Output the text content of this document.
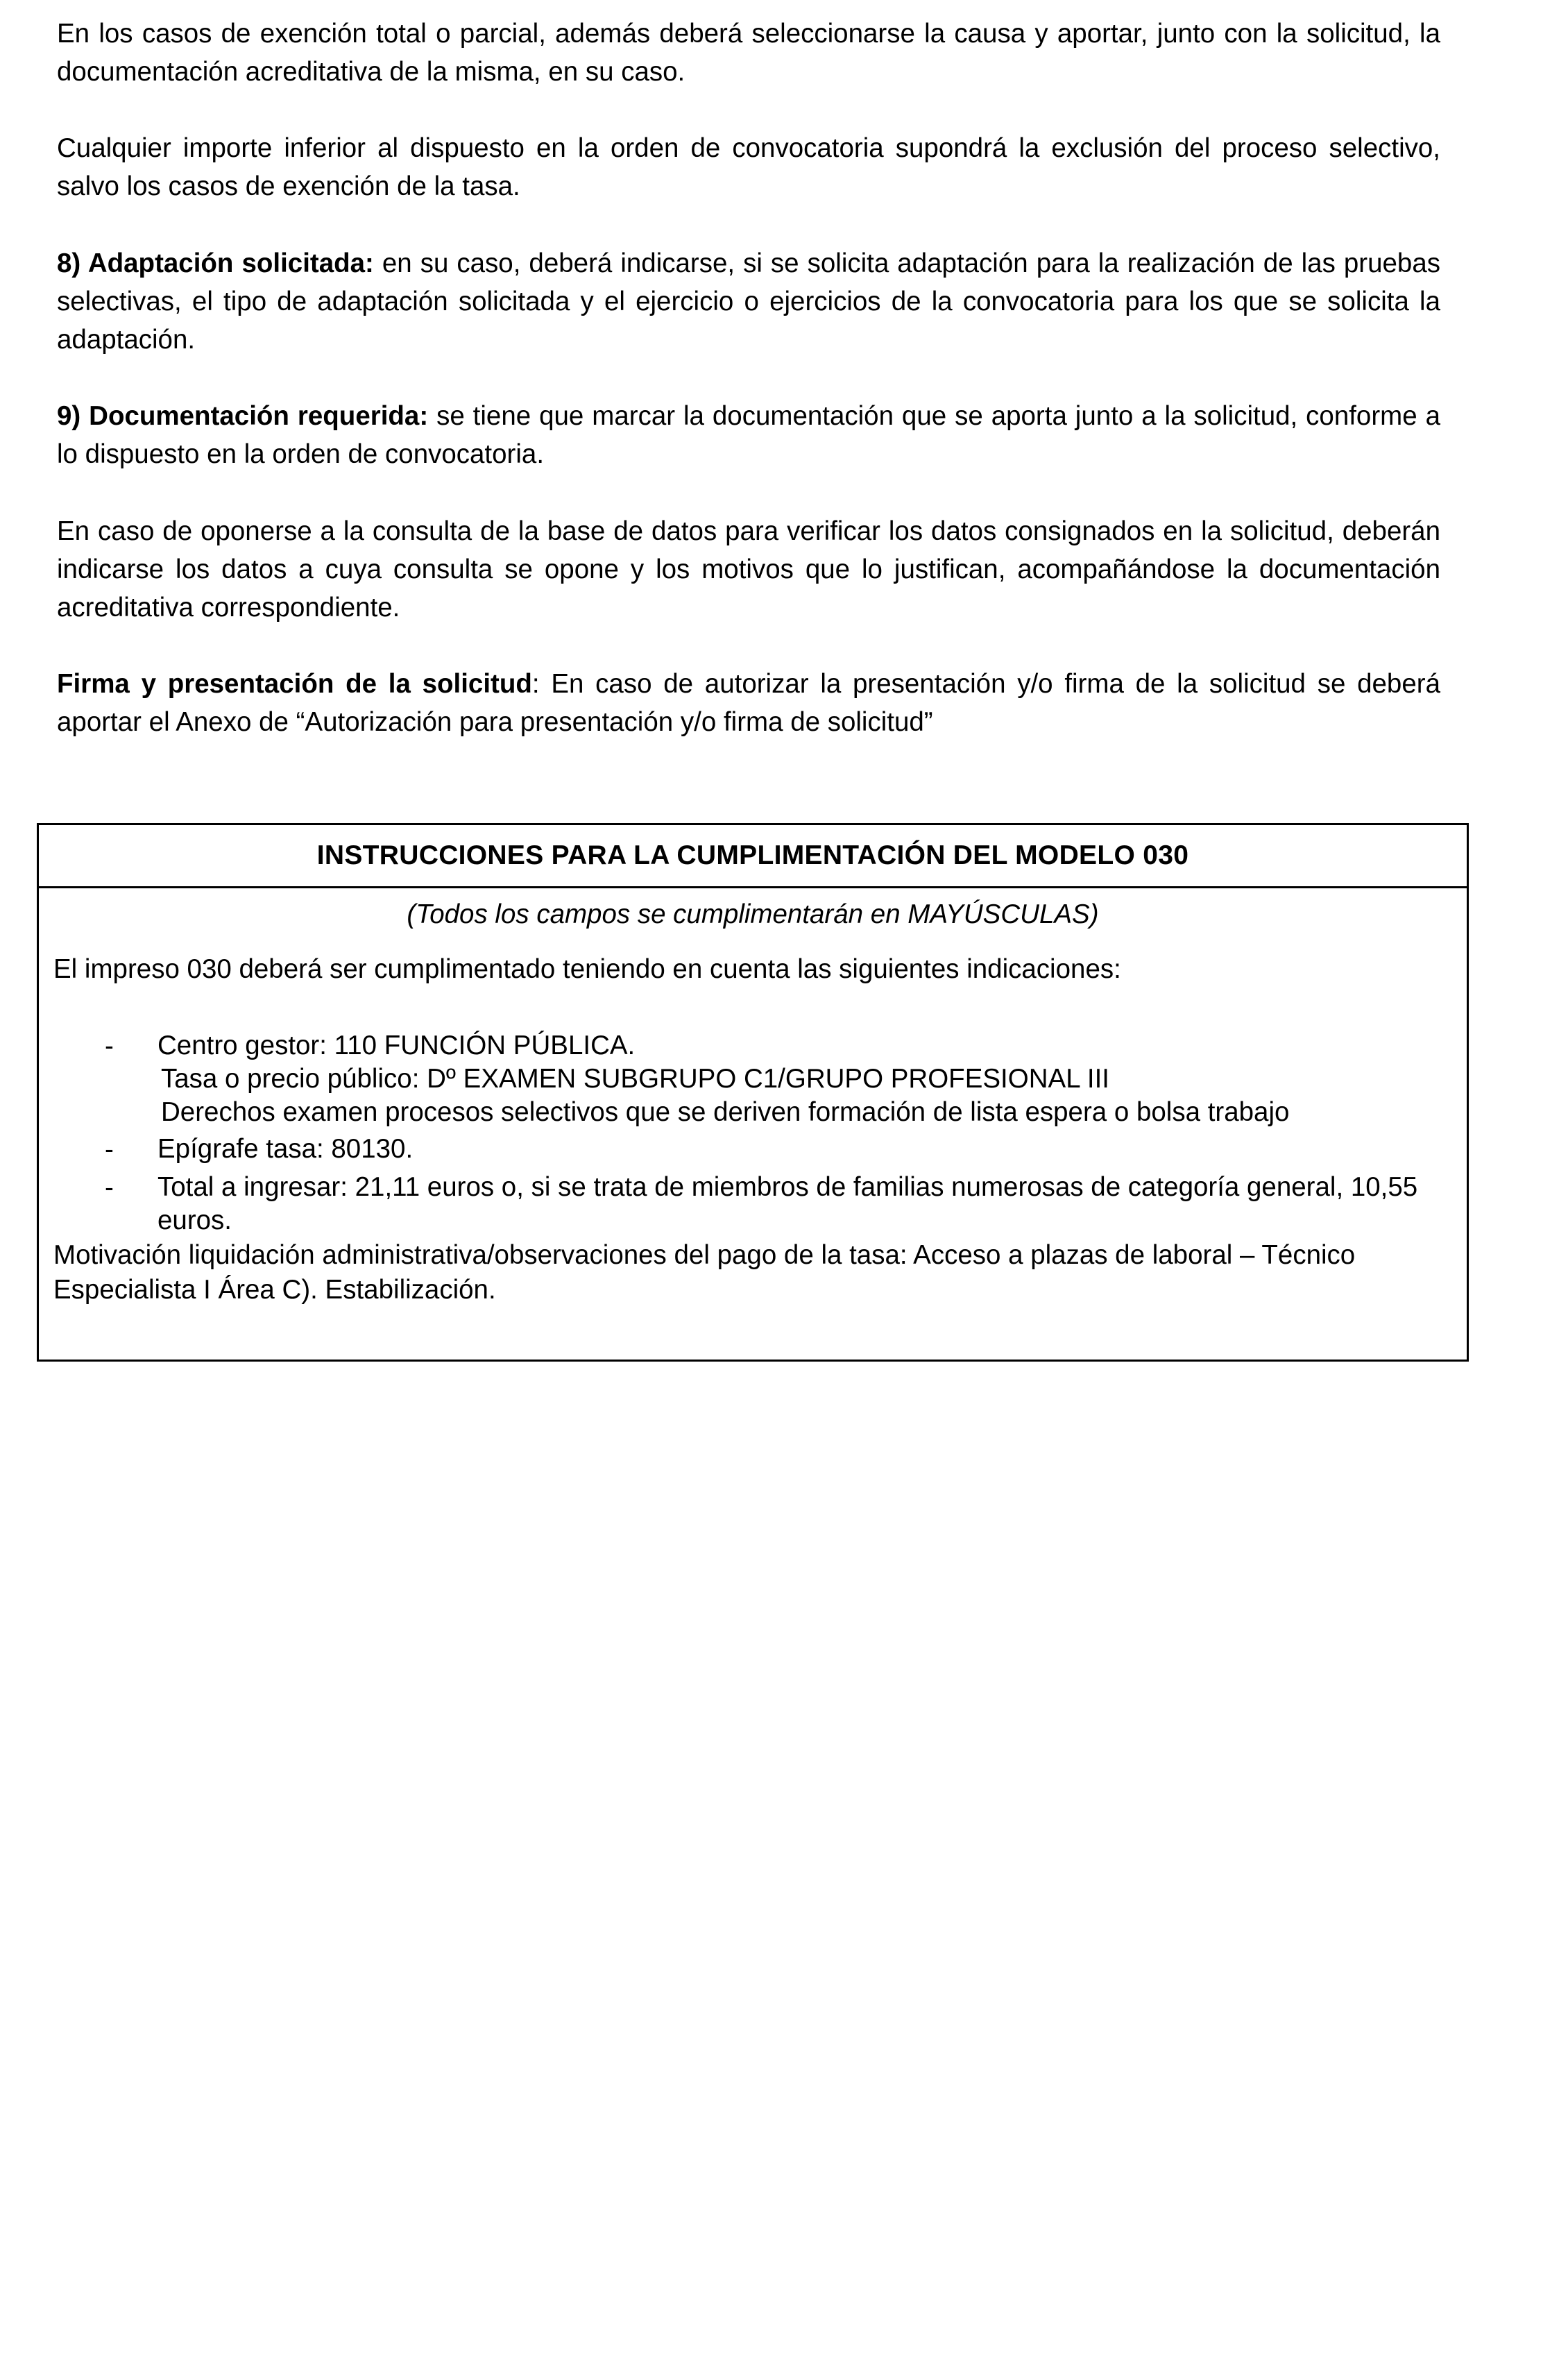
En los casos de exención total o parcial, además deberá seleccionarse la causa y aportar, junto con la solicitud, la documentación acreditativa de la misma, en su caso.

Cualquier importe inferior al dispuesto en la orden de convocatoria supondrá la exclusión del proceso selectivo, salvo los casos de exención de la tasa.

8) Adaptación solicitada: en su caso, deberá indicarse, si se solicita adaptación para la realización de las pruebas selectivas, el tipo de adaptación solicitada y el ejercicio o ejercicios de la convocatoria para los que se solicita la adaptación.

9) Documentación requerida: se tiene que marcar la documentación que se aporta junto a la solicitud, conforme a lo dispuesto en la orden de convocatoria.

En caso de oponerse a la consulta de la base de datos para verificar los datos consignados en la solicitud, deberán indicarse los datos a cuya consulta se opone y los motivos que lo justifican, acompañándose la documentación acreditativa correspondiente.

Firma y presentación de la solicitud: En caso de autorizar la presentación y/o firma de la solicitud se deberá aportar el Anexo de “Autorización para presentación y/o firma de solicitud”

INSTRUCCIONES PARA LA CUMPLIMENTACIÓN DEL MODELO 030
(Todos los campos se cumplimentarán en MAYÚSCULAS)
El impreso 030 deberá ser cumplimentado teniendo en cuenta las siguientes indicaciones:
- Centro gestor: 110 FUNCIÓN PÚBLICA.
Tasa o precio público: Dº EXAMEN SUBGRUPO C1/GRUPO PROFESIONAL III
Derechos examen procesos selectivos que se deriven formación de lista espera o bolsa trabajo
- Epígrafe tasa: 80130.
- Total a ingresar: 21,11 euros o, si se trata de miembros de familias numerosas de categoría general, 10,55 euros.
Motivación liquidación administrativa/observaciones del pago de la tasa: Acceso a plazas de laboral – Técnico
Especialista I Área C). Estabilización.
